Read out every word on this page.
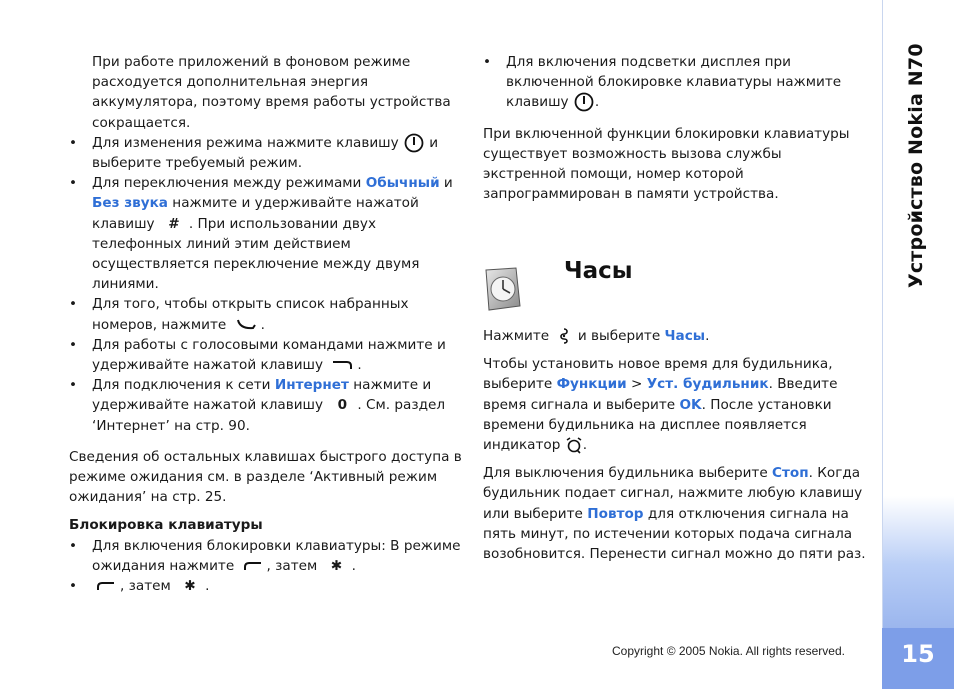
При работе приложений в фоновом режиме расходуется дополнительная энергия аккумулятора, поэтому время работы устройства сокращается.

• Для изменения режима нажмите клавишу  и выберите требуемый режим.

• Для переключения между режимами Обычный и Без звука нажмите и удерживайте нажатой клавишу # . При использовании двух телефонных линий этим действием осуществляется переключение между двумя линиями.

• Для того, чтобы открыть список набранных номеров, нажмите .

• Для работы с голосовыми командами нажмите и удерживайте нажатой клавишу .

• Для подключения к сети Интернет нажмите и удерживайте нажатой клавишу 0 . См. раздел ‘Интернет’ на стр. 90.

Сведения об остальных клавишах быстрого доступа в режиме ожидания см. в разделе ‘Активный режим ожидания’ на стр. 25.

Блокировка клавиатуры

• Для включения блокировки клавиатуры: В режиме ожидания нажмите , затем ✱ .

• , затем ✱ .

• Для включения подсветки дисплея при включенной блокировке клавиатуры нажмите клавишу .

При включенной функции блокировки клавиатуры существует возможность вызова службы экстренной помощи, номер которой запрограммирован в памяти устройства.

Часы

Нажмите  и выберите Часы.

Чтобы установить новое время для будильника, выберите Функции > Уст. будильник. Введите время сигнала и выберите OK. После установки времени будильника на дисплее появляется индикатор .

Для выключения будильника выберите Стоп. Когда будильник подает сигнал, нажмите любую клавишу или выберите Повтор для отключения сигнала на пять минут, по истечении которых подача сигнала возобновится. Перенести сигнал можно до пяти раз.

Copyright © 2005 Nokia. All rights reserved.
Устройство Nokia N70
15
